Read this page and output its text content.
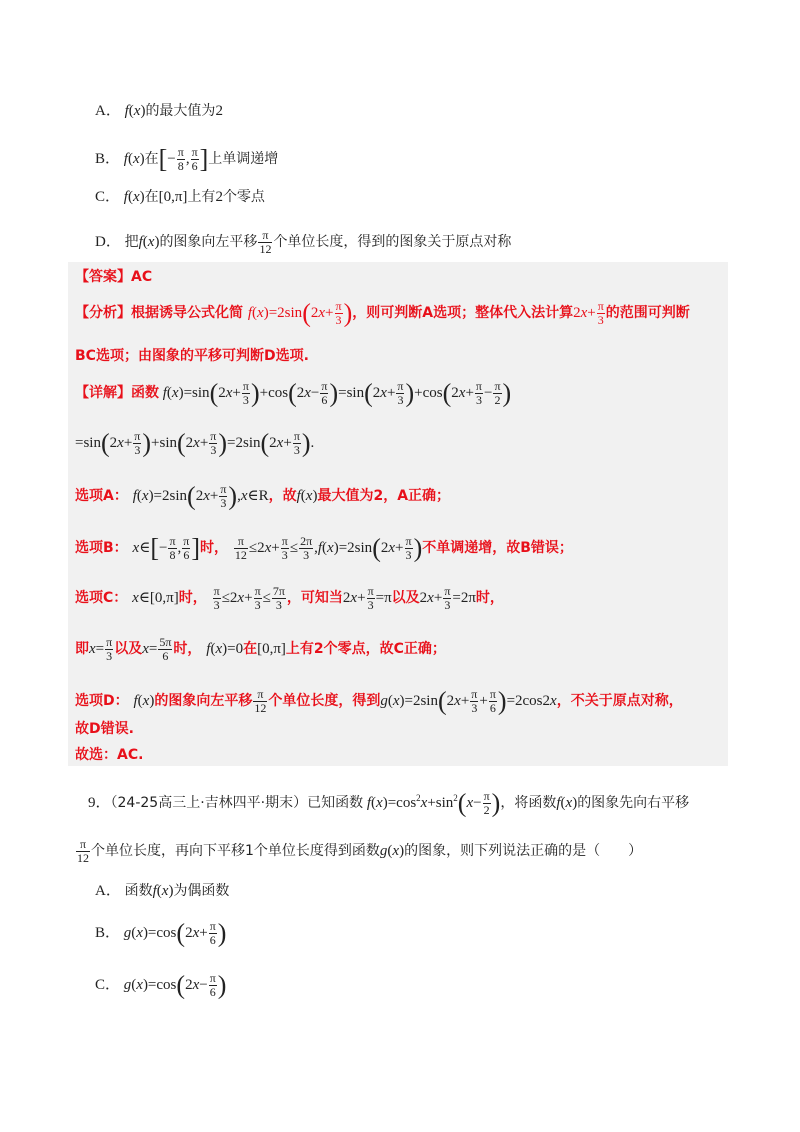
A． f(x)的最大值为2
B． f(x)在[− $\frac{\pi}{8}$ , $\frac{\pi}{6}$ ]上单调递增
C． f(x)在[0,π]上有2个零点
D． 把f(x)的图象向左平移 $\frac{\pi}{12}$ 个单位长度，得到的图象关于原点对称
【答案】AC
【分析】根据诱导公式化简 $f(x)=2\sin(2x+ \frac{\pi}{3}$ )，则可判断A选项；整体代入法计算$2x+ \frac{\pi}{3}$ 的范围可判断
BC选项；由图象的平移可判断D选项.
【详解】函数 $f(x)=\sin(2x+ \frac{\pi}{3} )+\cos(2x- \frac{\pi}{6} )=\sin(2x+ \frac{\pi}{3} )+\cos(2x+ \frac{\pi}{3} - \frac{\pi}{2}$ )
$=\sin(2x+ \frac{\pi}{3} )+\sin(2x+ \frac{\pi}{3} )=2\sin(2x+ \frac{\pi}{3}$ ).
选项A： $f(x)=2\sin(2x+ \frac{\pi}{3}$ ),x∈R，故f(x)最大值为2，A正确；
选项B： x∈[− $\frac{\pi}{8}$ , $\frac{\pi}{6}$ ]时， $\frac{\pi}{12} \le 2x+ \frac{\pi}{3} \le \frac{2\pi}{3} ,f(x)=2\sin(2x+ \frac{\pi}{3}$ )不单调递增，故B错误；
选项C： x∈[0,π]时， $\frac{\pi}{3} \le 2x+ \frac{\pi}{3} \le \frac{7\pi}{3}$ ，可知当$2x+ \frac{\pi}{3} =\pi$以及$2x+ \frac{\pi}{3} =2\pi$时，
即$x= \frac{\pi}{3}$ 以及$x= \frac{5\pi}{6}$ 时， f(x)=0在[0,π]上有2个零点，故C正确；
选项D： f(x)的图象向左平移 $\frac{\pi}{12}$ 个单位长度，得到$g(x)=2\sin(2x+ \frac{\pi}{3} + \frac{\pi}{6} )=2\cos 2x$，不关于原点对称，
故D错误.
故选：AC.
9．（24-25高三上·吉林四平·期末）已知函数 $f(x)=\cos^2x+\sin^2(x- \frac{\pi}{2}$ )，将函数f(x)的图象先向右平移
$\frac{\pi}{12}$ 个单位长度，再向下平移1个单位长度得到函数g(x)的图象，则下列说法正确的是（　　）
A． 函数f(x)为偶函数
B． $g(x)=\cos(2x+ \frac{\pi}{6}$ )
C． $g(x)=\cos(2x- \frac{\pi}{6}$ )
